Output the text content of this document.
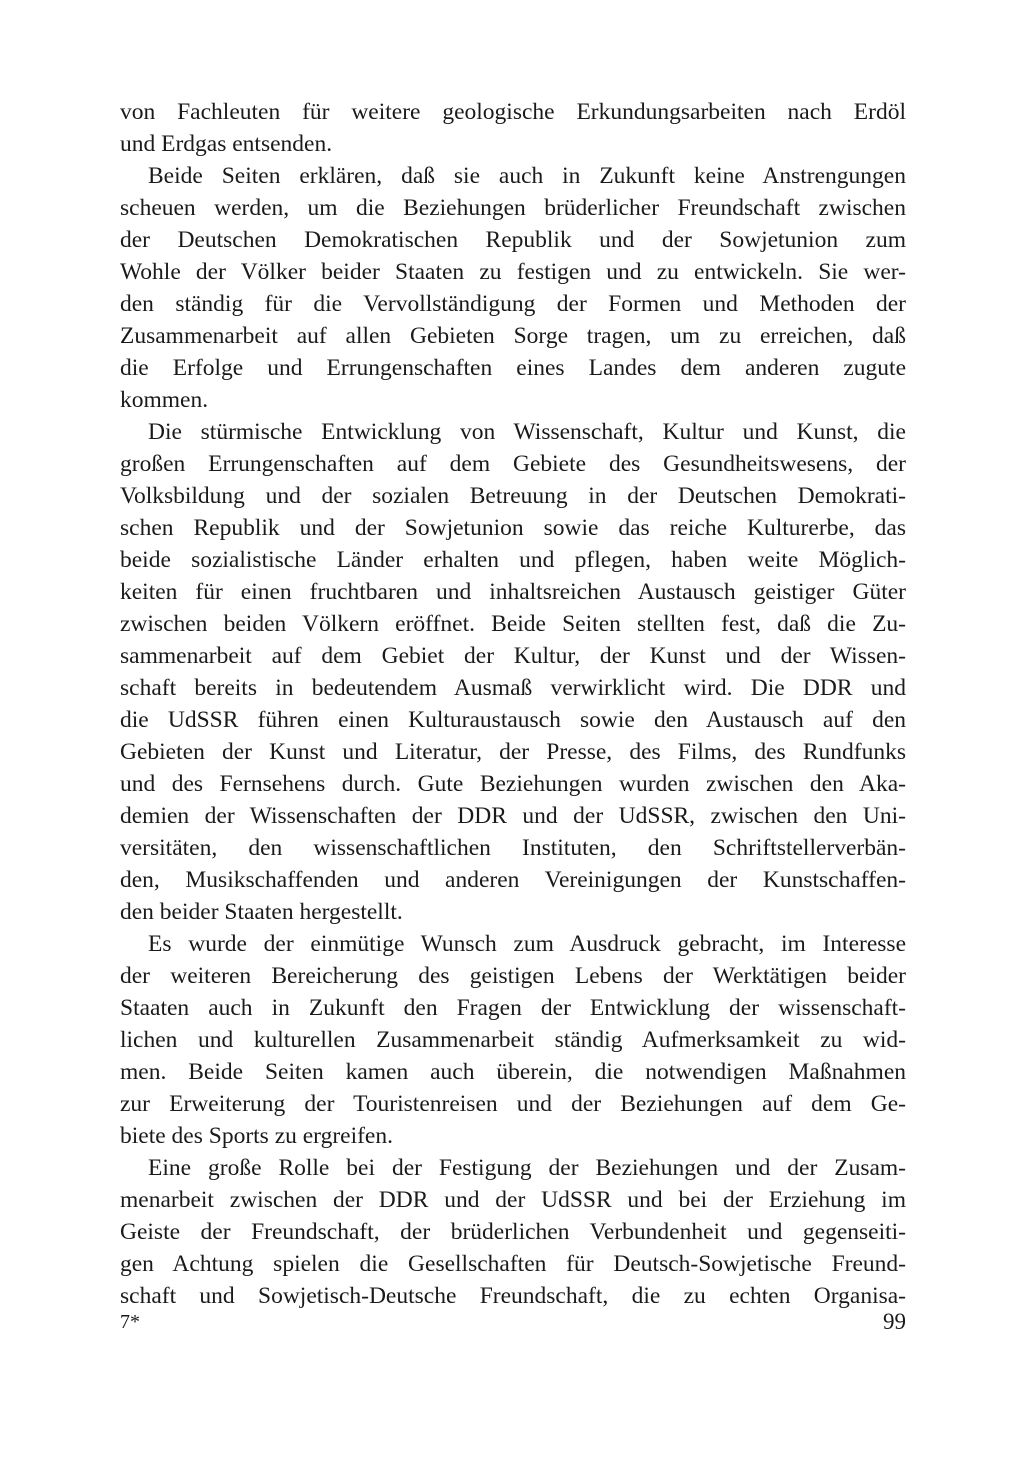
von Fachleuten für weitere geologische Erkundungsarbeiten nach Erdöl
und Erdgas entsenden.
Beide Seiten erklären, daß sie auch in Zukunft keine Anstrengungen
scheuen werden, um die Beziehungen brüderlicher Freundschaft zwischen
der Deutschen Demokratischen Republik und der Sowjetunion zum
Wohle der Völker beider Staaten zu festigen und zu entwickeln. Sie wer-
den ständig für die Vervollständigung der Formen und Methoden der
Zusammenarbeit auf allen Gebieten Sorge tragen, um zu erreichen, daß
die Erfolge und Errungenschaften eines Landes dem anderen zugute
kommen.
Die stürmische Entwicklung von Wissenschaft, Kultur und Kunst, die
großen Errungenschaften auf dem Gebiete des Gesundheitswesens, der
Volksbildung und der sozialen Betreuung in der Deutschen Demokrati-
schen Republik und der Sowjetunion sowie das reiche Kulturerbe, das
beide sozialistische Länder erhalten und pflegen, haben weite Möglich-
keiten für einen fruchtbaren und inhaltsreichen Austausch geistiger Güter
zwischen beiden Völkern eröffnet. Beide Seiten stellten fest, daß die Zu-
sammenarbeit auf dem Gebiet der Kultur, der Kunst und der Wissen-
schaft bereits in bedeutendem Ausmaß verwirklicht wird. Die DDR und
die UdSSR führen einen Kulturaustausch sowie den Austausch auf den
Gebieten der Kunst und Literatur, der Presse, des Films, des Rundfunks
und des Fernsehens durch. Gute Beziehungen wurden zwischen den Aka-
demien der Wissenschaften der DDR und der UdSSR, zwischen den Uni-
versitäten, den wissenschaftlichen Instituten, den Schriftstellerverbän-
den, Musikschaffenden und anderen Vereinigungen der Kunstschaffen-
den beider Staaten hergestellt.
Es wurde der einmütige Wunsch zum Ausdruck gebracht, im Interesse
der weiteren Bereicherung des geistigen Lebens der Werktätigen beider
Staaten auch in Zukunft den Fragen der Entwicklung der wissenschaft-
lichen und kulturellen Zusammenarbeit ständig Aufmerksamkeit zu wid-
men. Beide Seiten kamen auch überein, die notwendigen Maßnahmen
zur Erweiterung der Touristenreisen und der Beziehungen auf dem Ge-
biete des Sports zu ergreifen.
Eine große Rolle bei der Festigung der Beziehungen und der Zusam-
menarbeit zwischen der DDR und der UdSSR und bei der Erziehung im
Geiste der Freundschaft, der brüderlichen Verbundenheit und gegenseiti-
gen Achtung spielen die Gesellschaften für Deutsch-Sowjetische Freund-
schaft und Sowjetisch-Deutsche Freundschaft, die zu echten Organisa-
7*	99
